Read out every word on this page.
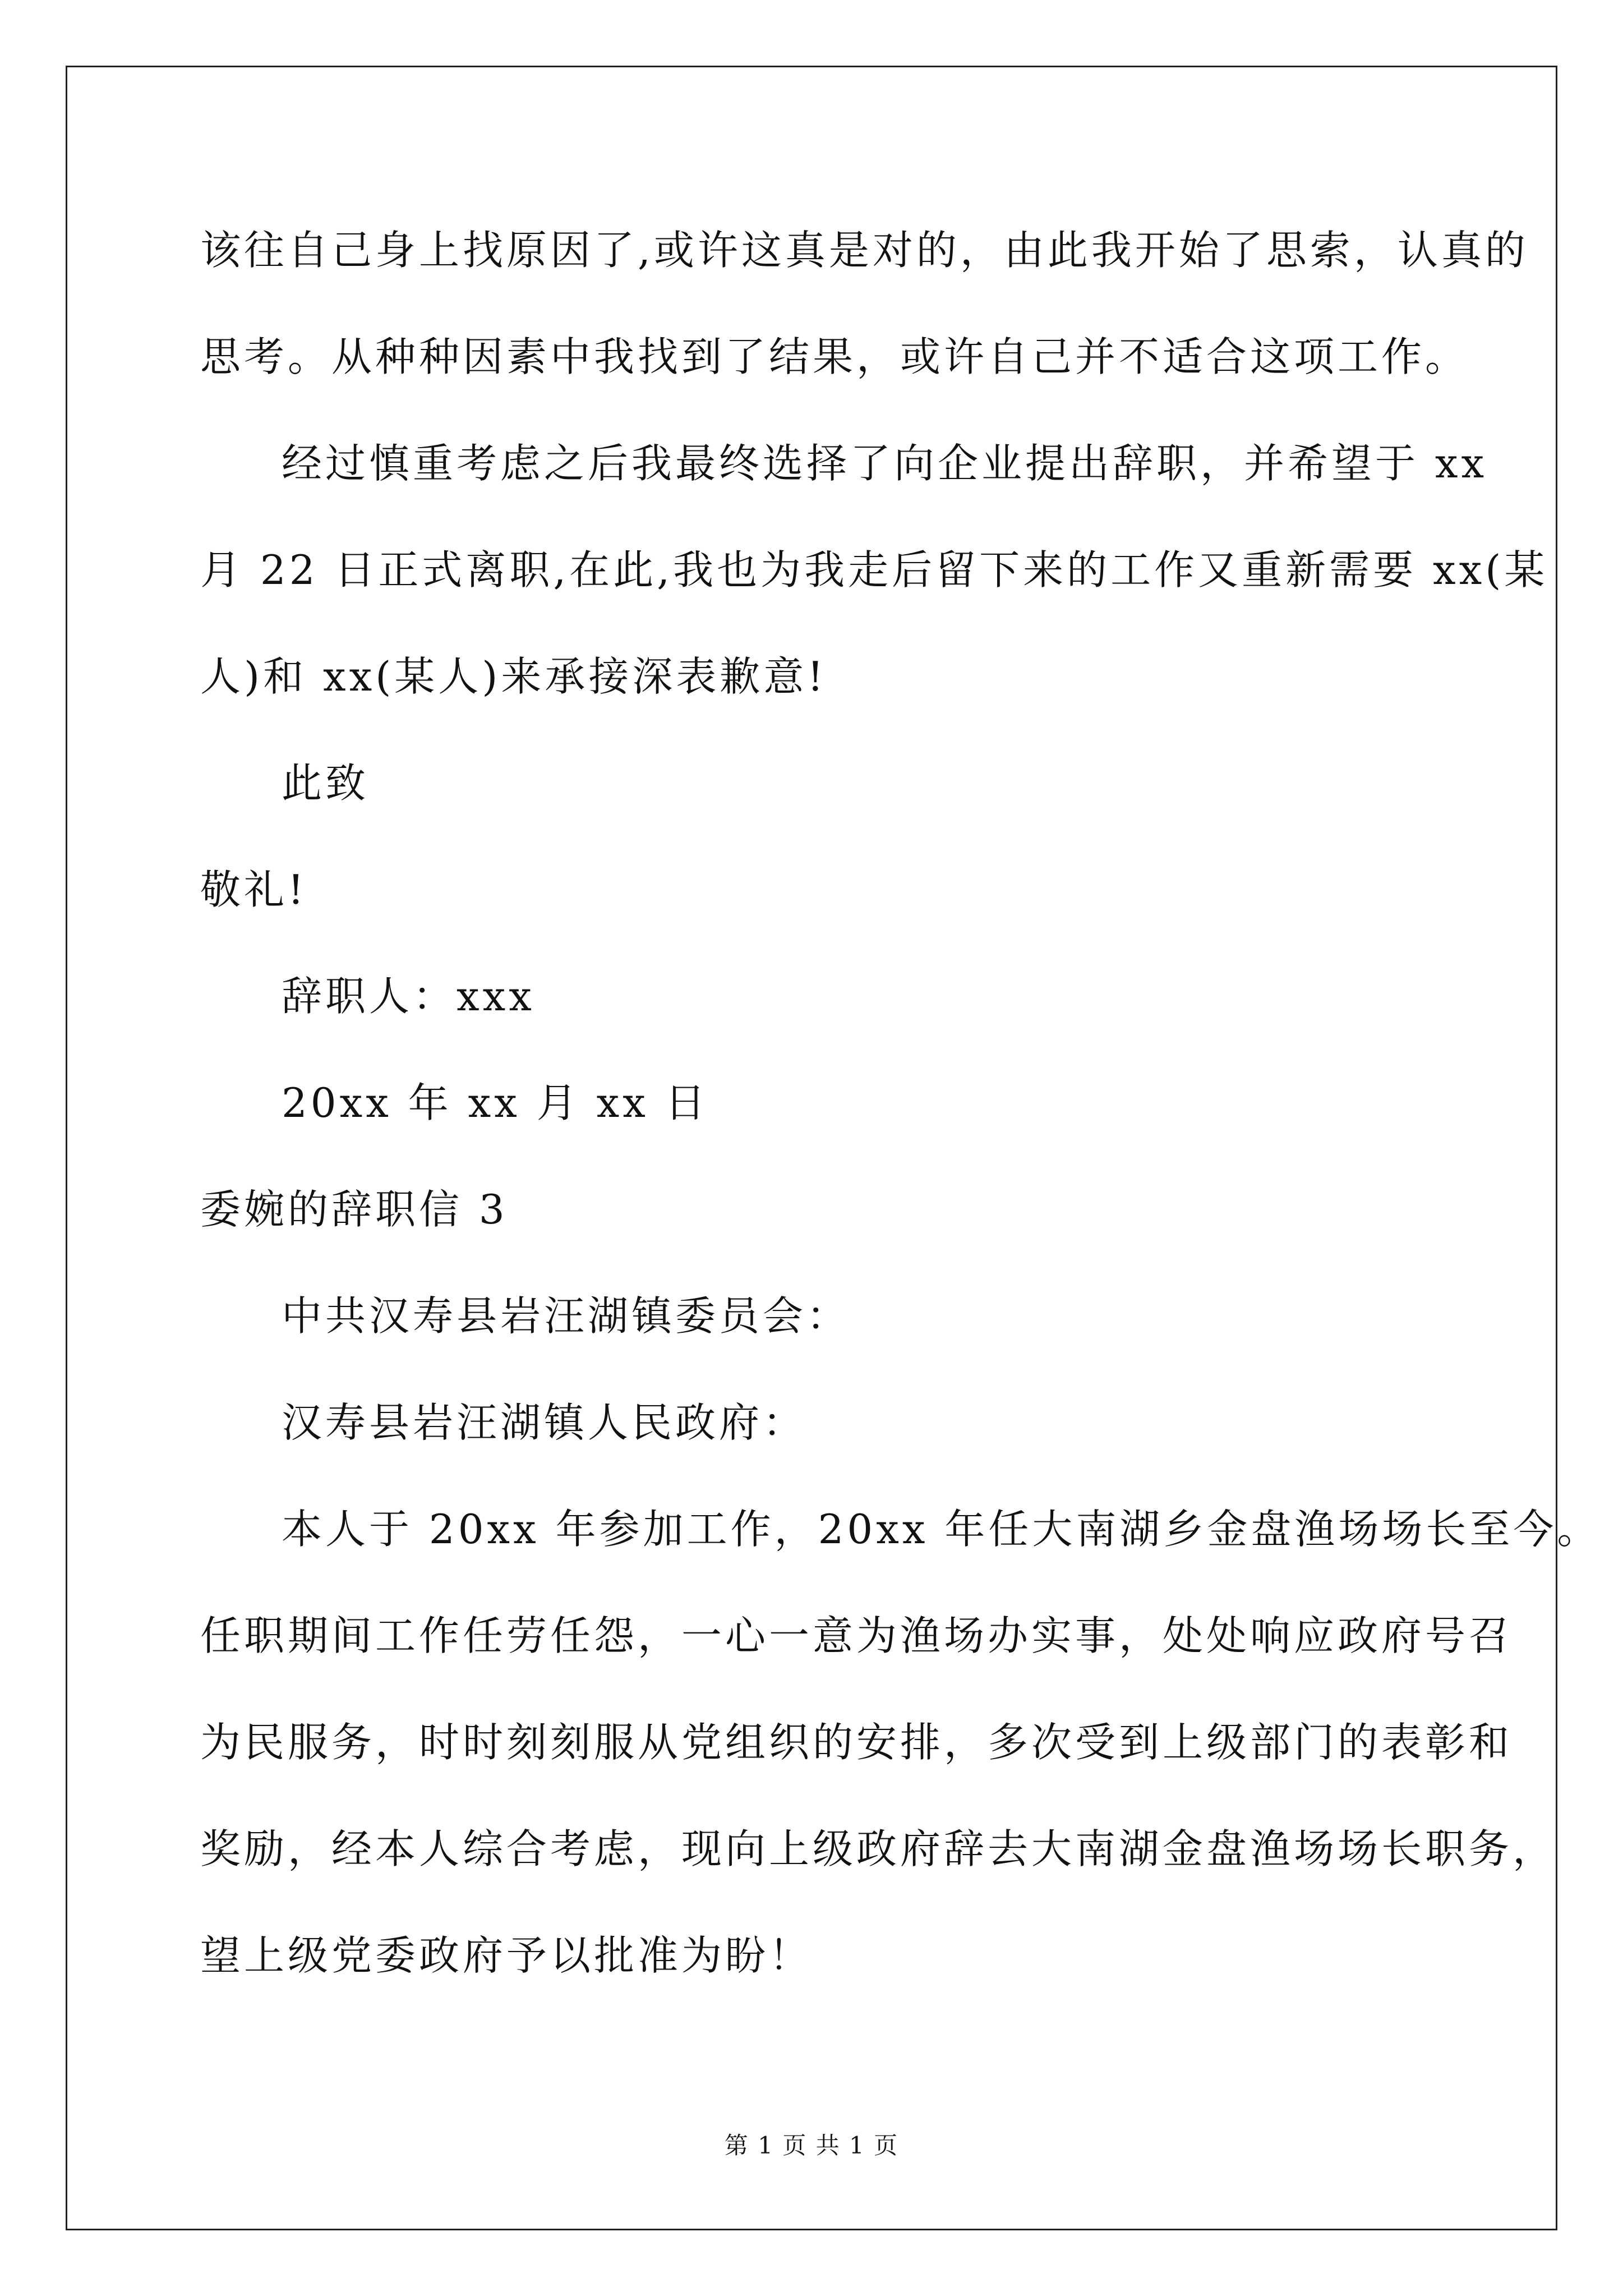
该往自己身上找原因了,或许这真是对的，由此我开始了思索，认真的
思考。从种种因素中我找到了结果，或许自己并不适合这项工作。
经过慎重考虑之后我最终选择了向企业提出辞职，并希望于 xx
月 22 日正式离职,在此,我也为我走后留下来的工作又重新需要 xx(某
人)和 xx(某人)来承接深表歉意!
此致
敬礼!
辞职人：xxx
20xx 年 xx 月 xx 日
委婉的辞职信 3
中共汉寿县岩汪湖镇委员会：
汉寿县岩汪湖镇人民政府：
本人于 20xx 年参加工作，20xx 年任大南湖乡金盘渔场场长至今。
任职期间工作任劳任怨，一心一意为渔场办实事，处处响应政府号召
为民服务，时时刻刻服从党组织的安排，多次受到上级部门的表彰和
奖励，经本人综合考虑，现向上级政府辞去大南湖金盘渔场场长职务，
望上级党委政府予以批准为盼！
第 1 页 共 1 页
